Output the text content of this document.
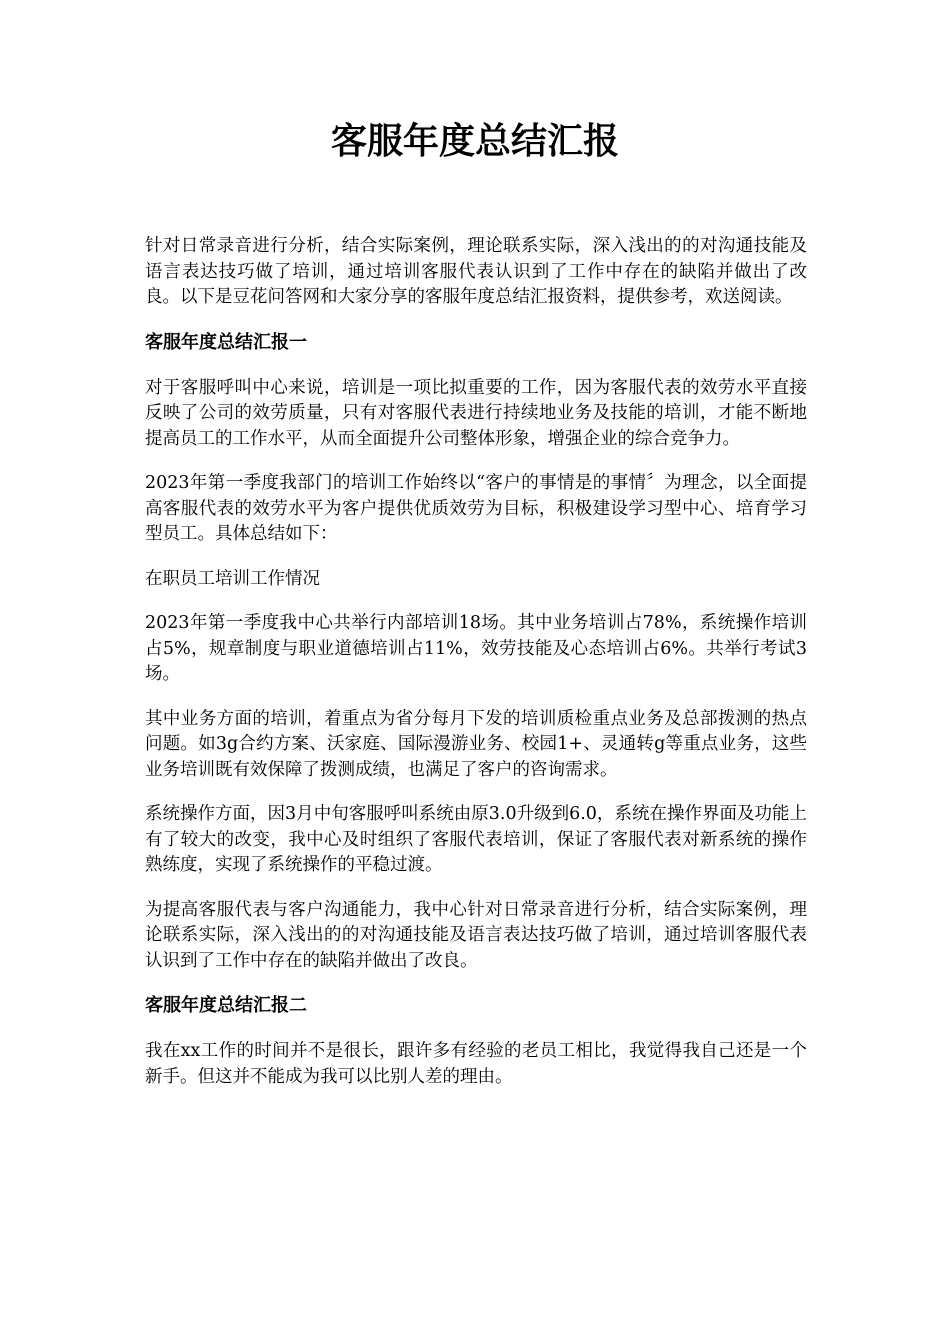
客服年度总结汇报

针对日常录音进行分析，结合实际案例，理论联系实际，深入浅出的的对沟通技能及语言表达技巧做了培训，通过培训客服代表认识到了工作中存在的缺陷并做出了改良。以下是豆花问答网和大家分享的客服年度总结汇报资料，提供参考，欢送阅读。

客服年度总结汇报一

对于客服呼叫中心来说，培训是一项比拟重要的工作，因为客服代表的效劳水平直接反映了公司的效劳质量，只有对客服代表进行持续地业务及技能的培训，才能不断地提高员工的工作水平，从而全面提升公司整体形象，增强企业的综合竞争力。

2023年第一季度我部门的培训工作始终以“客户的事情是的事情〞为理念，以全面提高客服代表的效劳水平为客户提供优质效劳为目标，积极建设学习型中心、培育学习型员工。具体总结如下：

在职员工培训工作情况

2023年第一季度我中心共举行内部培训18场。其中业务培训占78%，系统操作培训占5%，规章制度与职业道德培训占11%，效劳技能及心态培训占6%。共举行考试3场。

其中业务方面的培训，着重点为省分每月下发的培训质检重点业务及总部拨测的热点问题。如3g合约方案、沃家庭、国际漫游业务、校园1+、灵通转g等重点业务，这些业务培训既有效保障了拨测成绩，也满足了客户的咨询需求。

系统操作方面，因3月中旬客服呼叫系统由原3.0升级到6.0，系统在操作界面及功能上有了较大的改变，我中心及时组织了客服代表培训，保证了客服代表对新系统的操作熟练度，实现了系统操作的平稳过渡。

为提高客服代表与客户沟通能力，我中心针对日常录音进行分析，结合实际案例，理论联系实际，深入浅出的的对沟通技能及语言表达技巧做了培训，通过培训客服代表认识到了工作中存在的缺陷并做出了改良。

客服年度总结汇报二

我在xx工作的时间并不是很长，跟许多有经验的老员工相比，我觉得我自己还是一个新手。但这并不能成为我可以比别人差的理由。
